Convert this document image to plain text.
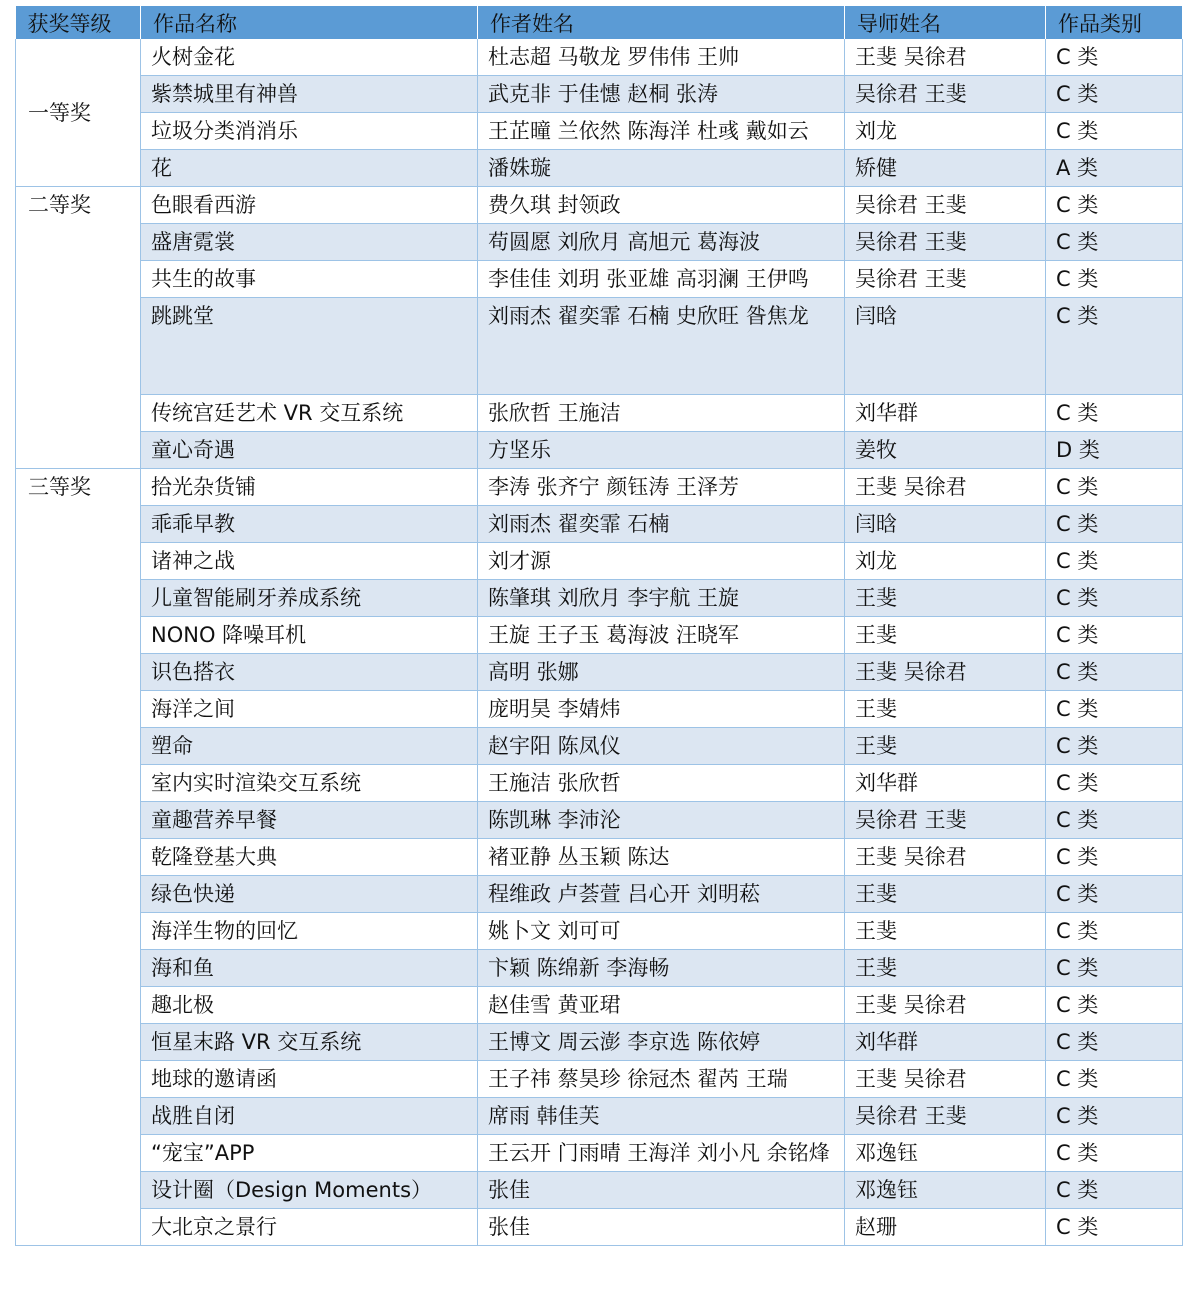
获奖等级	作品名称	作者姓名	导师姓名	作品类别
一等奖	火树金花	杜志超 马敬龙 罗伟伟 王帅	王斐 吴徐君	C 类
	紫禁城里有神兽	武克非 于佳憓 赵桐 张涛	吴徐君 王斐	C 类
	垃圾分类消消乐	王芷曈 兰依然 陈海洋 杜彧 戴如云	刘龙	C 类
	花	潘姝璇	矫健	A 类
二等奖	色眼看西游	费久琪 封领政	吴徐君 王斐	C 类
	盛唐霓裳	苟圆愿 刘欣月 高旭元 葛海波	吴徐君 王斐	C 类
	共生的故事	李佳佳 刘玥 张亚雄 高羽澜 王伊鸣	吴徐君 王斐	C 类
	跳跳堂	刘雨杰 翟奕霏 石楠 史欣旺 昝焦龙	闫晗	C 类
	传统宫廷艺术 VR 交互系统	张欣哲 王施洁	刘华群	C 类
	童心奇遇	方坚乐	姜牧	D 类
三等奖	拾光杂货铺	李涛 张齐宁 颜钰涛 王泽芳	王斐 吴徐君	C 类
	乖乖早教	刘雨杰 翟奕霏 石楠	闫晗	C 类
	诸神之战	刘才源	刘龙	C 类
	儿童智能刷牙养成系统	陈肇琪 刘欣月 李宇航 王旋	王斐	C 类
	NONO 降噪耳机	王旋 王子玉 葛海波 汪晓军	王斐	C 类
	识色搭衣	高明 张娜	王斐 吴徐君	C 类
	海洋之间	庞明昊 李婧炜	王斐	C 类
	塑命	赵宇阳 陈凤仪	王斐	C 类
	室内实时渲染交互系统	王施洁 张欣哲	刘华群	C 类
	童趣营养早餐	陈凯琳 李沛沦	吴徐君 王斐	C 类
	乾隆登基大典	褚亚静 丛玉颖 陈达	王斐 吴徐君	C 类
	绿色快递	程维政 卢荟萱 吕心开 刘明菘	王斐	C 类
	海洋生物的回忆	姚卜文 刘可可	王斐	C 类
	海和鱼	卞颖 陈绵新 李海畅	王斐	C 类
	趣北极	赵佳雪 黄亚珺	王斐 吴徐君	C 类
	恒星末路 VR 交互系统	王博文 周云澎 李京选 陈依婷	刘华群	C 类
	地球的邀请函	王子祎 蔡昊珍 徐冠杰 翟芮 王瑞	王斐 吴徐君	C 类
	战胜自闭	席雨 韩佳芙	吴徐君 王斐	C 类
	“宠宝”APP	王云开 门雨晴 王海洋 刘小凡 余铭烽	邓逸钰	C 类
	设计圈（Design Moments）	张佳	邓逸钰	C 类
	大北京之景行	张佳	赵珊	C 类
